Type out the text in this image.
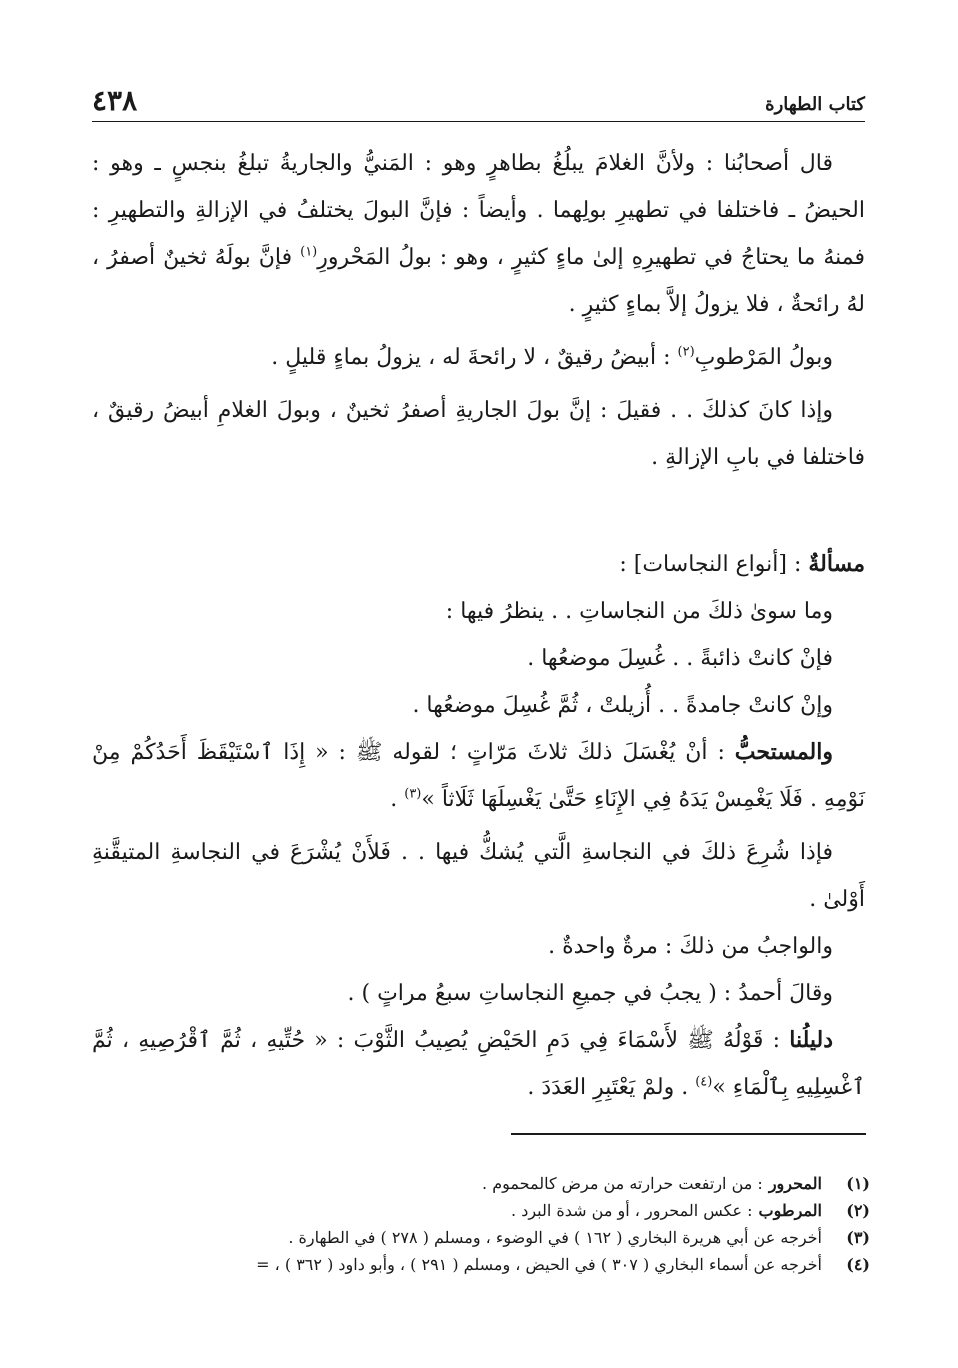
كتاب الطهارة
٤٣٨

قال أصحابُنا : ولأنَّ الغلامَ يبلُغُ بطاهرٍ وهو : المَنيُّ والجاريةُ تبلغُ بنجسٍ ـ وهو : الحيضُ ـ فاختلفا في تطهيرِ بولِهما . وأيضاً : فإنَّ البولَ يختلفُ في الإزالةِ والتطهيرِ : فمنهُ ما يحتاجُ في تطهيرِهِ إلىٰ ماءٍ كثيرٍ ، وهو : بولُ المَحْرورِ$^{(١)}$ فإنَّ بولَهُ ثخينٌ أصفرُ ، لهُ رائحةٌ ، فلا يزولُ إلاَّ بماءٍ كثيرٍ .

وبولُ المَرْطوبِ$^{(٢)}$ : أبيضُ رقيقٌ ، لا رائحةَ له ، يزولُ بماءٍ قليلٍ .

وإذا كانَ كذلكَ . . فقيلَ : إنَّ بولَ الجاريةِ أصفرُ ثخينٌ ، وبولَ الغلامِ أبيضُ رقيقٌ ، فاختلفا في بابِ الإزالةِ .

مسألةٌ : [أنواع النجاسات] :

وما سوىٰ ذلكَ من النجاساتِ . . ينظرُ فيها :

فإنْ كانتْ ذائبةً . . غُسِلَ موضعُها .

وإنْ كانتْ جامدةً . . أُزيلتْ ، ثُمَّ غُسِلَ موضعُها .

والمستحبُّ : أنْ يُغْسَلَ ذلكَ ثلاثَ مَرّاتٍ ؛ لقوله ﷺ : « إِذَا ٱسْتَيْقَظَ أَحَدُكُمْ مِنْ نَوْمِهِ . فَلَا يَغْمِسْ يَدَهُ فِي الإِنَاءِ حَتَّىٰ يَغْسِلَهَا ثَلَاثاً »$^{(٣)}$ .

فإذا شُرِعَ ذلكَ في النجاسةِ الَّتي يُشكُّ فيها . . فَلأَنْ يُشْرَعَ في النجاسةِ المتيقَّنةِ أَوْلىٰ .

والواجبُ من ذلكَ : مرةٌ واحدةٌ .

وقالَ أحمدُ : ( يجبُ في جميعِ النجاساتِ سبعُ مراتٍ ) .

دليلُنا : قَوْلُهُ ﷺ لأَسْمَاءَ فِي دَمِ الحَيْضِ يُصِيبُ الثَّوْبَ : « حُتِّيهِ ، ثُمَّ ٱقْرُصِيهِ ، ثُمَّ ٱغْسِلِيهِ بِٱلْمَاءِ »$^{(٤)}$ . ولمْ يَعْتَبِرِ العَدَدَ .

(١)
المحرور
: من ارتفعت حرارته من مرض كالمحموم .
(٢)
المرطوب
: عكس المحرور ، أو من شدة البرد .
(٣)
أخرجه عن أبي هريرة البخاري ( ١٦٢ ) في الوضوء ، ومسلم ( ٢٧٨ ) في الطهارة .
(٤)
أخرجه عن أسماء البخاري ( ٣٠٧ ) في الحيض ، ومسلم ( ٢٩١ ) ، وأبو داود ( ٣٦٢ ) ، =
